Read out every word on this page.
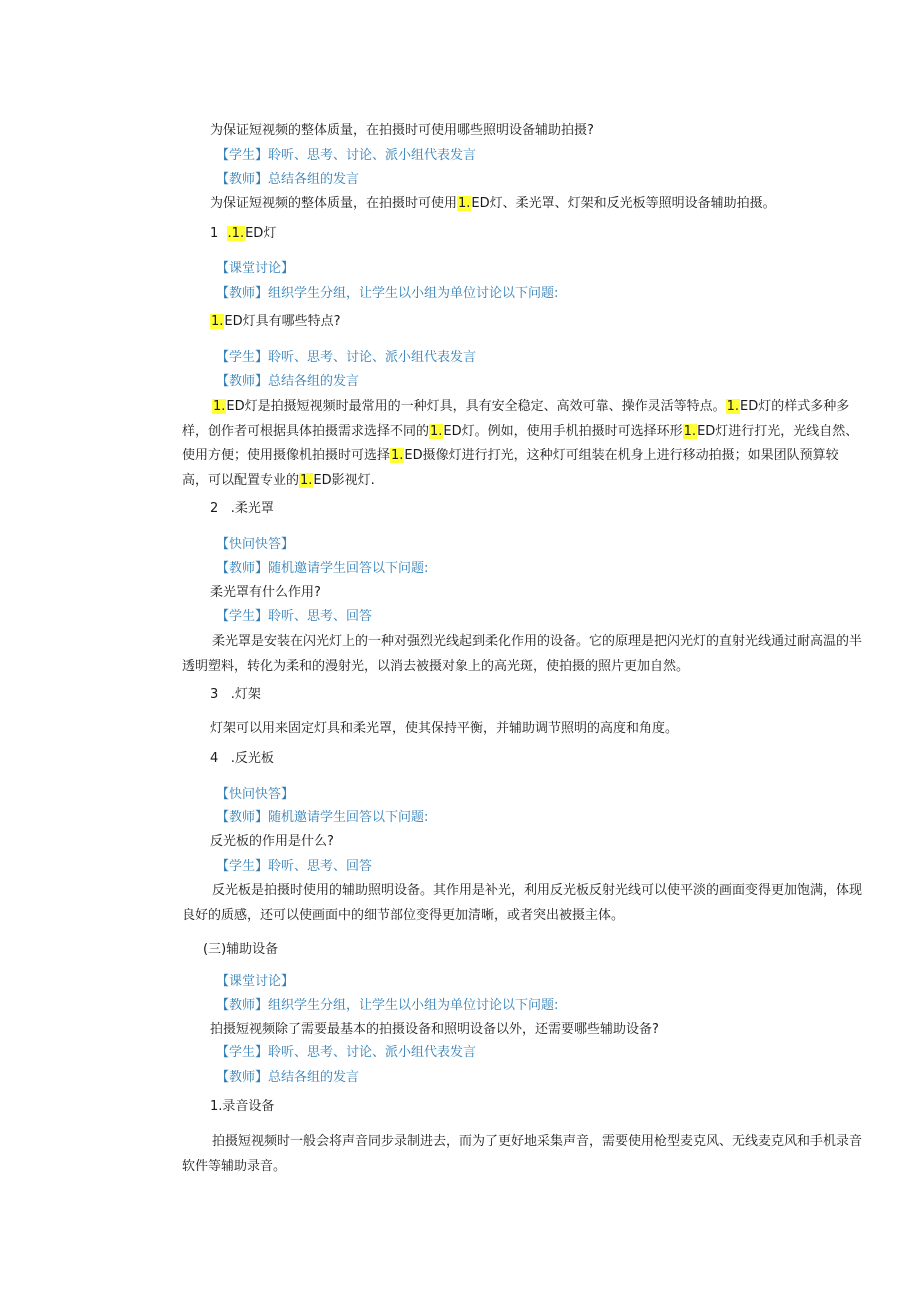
为保证短视频的整体质量，在拍摄时可使用哪些照明设备辅助拍摄?
【学生】聆听、思考、讨论、派小组代表发言
【教师】总结各组的发言
为保证短视频的整体质量，在拍摄时可使用1.ED灯、柔光罩、灯架和反光板等照明设备辅助拍摄。
1 .1.ED灯
【课堂讨论】
【教师】组织学生分组，让学生以小组为单位讨论以下问题:
1.ED灯具有哪些特点?
【学生】聆听、思考、讨论、派小组代表发言
【教师】总结各组的发言
1.ED灯是拍摄短视频时最常用的一种灯具，具有安全稳定、高效可靠、操作灵活等特点。1.ED灯的样式多种多样，创作者可根据具体拍摄需求选择不同的1.ED灯。例如，使用手机拍摄时可选择环形1.ED灯进行打光，光线自然、使用方便；使用摄像机拍摄时可选择1.ED摄像灯进行打光，这种灯可组装在机身上进行移动拍摄；如果团队预算较高，可以配置专业的1.ED影视灯.
2 .柔光罩
【快问快答】
【教师】随机邀请学生回答以下问题:
柔光罩有什么作用?
【学生】聆听、思考、回答
柔光罩是安装在闪光灯上的一种对强烈光线起到柔化作用的设备。它的原理是把闪光灯的直射光线通过耐高温的半透明塑料，转化为柔和的漫射光，以消去被摄对象上的高光斑，使拍摄的照片更加自然。
3 .灯架
灯架可以用来固定灯具和柔光罩，使其保持平衡，并辅助调节照明的高度和角度。
4 .反光板
【快问快答】
【教师】随机邀请学生回答以下问题:
反光板的作用是什么?
【学生】聆听、思考、回答
反光板是拍摄时使用的辅助照明设备。其作用是补光，利用反光板反射光线可以使平淡的画面变得更加饱满，体现良好的质感，还可以使画面中的细节部位变得更加清晰，或者突出被摄主体。
(三)辅助设备
【课堂讨论】
【教师】组织学生分组，让学生以小组为单位讨论以下问题:
拍摄短视频除了需要最基本的拍摄设备和照明设备以外，还需要哪些辅助设备?
【学生】聆听、思考、讨论、派小组代表发言
【教师】总结各组的发言
1.录音设备
拍摄短视频时一般会将声音同步录制进去，而为了更好地采集声音，需要使用枪型麦克风、无线麦克风和手机录音软件等辅助录音。
